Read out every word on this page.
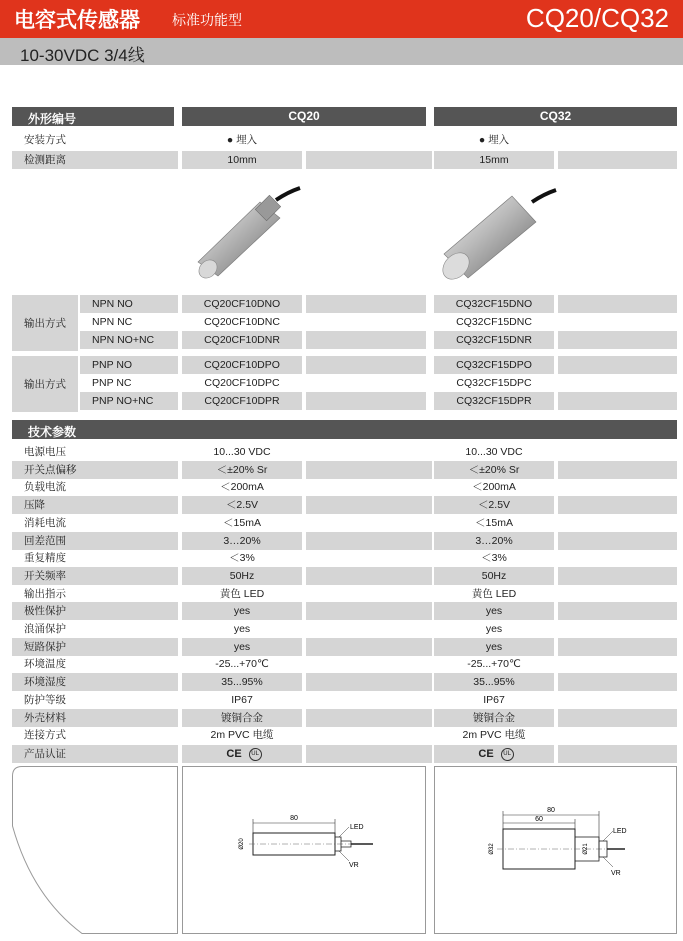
电容式传感器 标准功能型	CQ20/CQ32
10-30VDC 3/4线
外形编号	CQ20	CQ32
安装方式	● 埋入	● 埋入
检测距离	10mm	15mm
输出方式
NPN NO	CQ20CF10DNO	CQ32CF15DNO
NPN NC	CQ20CF10DNC	CQ32CF15DNC
NPN NO+NC	CQ20CF10DNR	CQ32CF15DNR
输出方式
PNP NO	CQ20CF10DPO	CQ32CF15DPO
PNP NC	CQ20CF10DPC	CQ32CF15DPC
PNP NO+NC	CQ20CF10DPR	CQ32CF15DPR
技术参数
电源电压	10...30 VDC	10...30 VDC
开关点偏移	＜±20% Sr	＜±20% Sr
负载电流	＜200mA	＜200mA
压降	＜2.5V	＜2.5V
消耗电流	＜15mA	＜15mA
回差范围	3…20%	3…20%
重复精度	＜3%	＜3%
开关频率	50Hz	50Hz
输出指示	黄色 LED	黄色 LED
极性保护	yes	yes
浪涌保护	yes	yes
短路保护	yes	yes
环境温度	-25...+70℃	-25...+70℃
环境湿度	35...95%	35...95%
防护等级	IP67	IP67
外壳材料	镀铜合金	镀铜合金
连接方式	2m PVC 电缆	2m PVC 电缆
产品认证	CE UL	CE UL
80
Ø20
LED
VR
80
60
Ø32	Ø21
LED
VR
